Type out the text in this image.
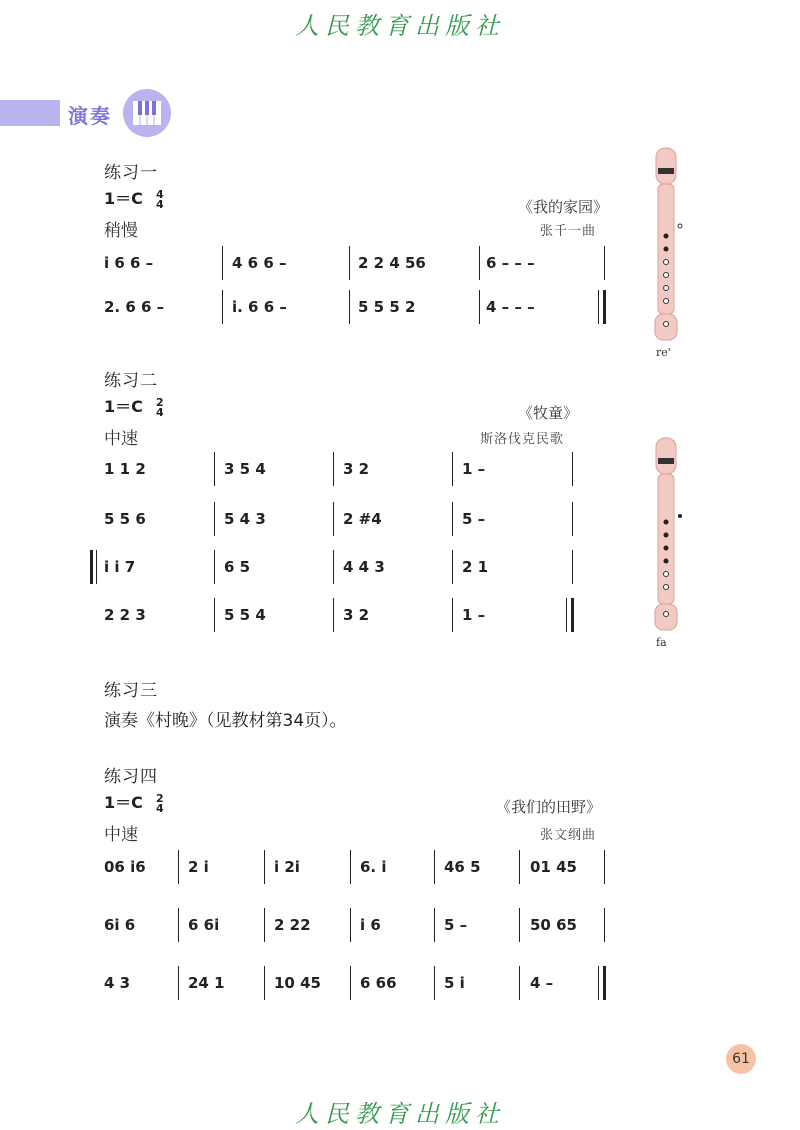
人民教育出版社
演奏
练习一
1＝C 4
4	《我的家园》
稍慢	张千一曲
i 6 6 –	4 6 6 –	2 2 4 56	6 – – –
2. 6 6 –	i. 6 6 –	5 5 5 2	4 – – –
re'
练习二
1＝C 2
4	《牧童》
中速	斯洛伐克民歌
1 1 2	3 5 4	3 2	1 –
5 5 6	5 4 3	2 #4	5 –
i i 7	6 5	4 4 3	2 1
2 2 3	5 5 4	3 2	1 –
fa
练习三
演奏《村晚》（见教材第34页）。
练习四
1＝C 2
4	《我们的田野》
中速	张文纲曲
06 i6	2 i	i 2i	6. i	46 5	01 45
6i 6	6 6i	2 22	i 6	5 –	50 65
4 3	24 1	10 45	6 66	5 i	4 –
61
人民教育出版社
